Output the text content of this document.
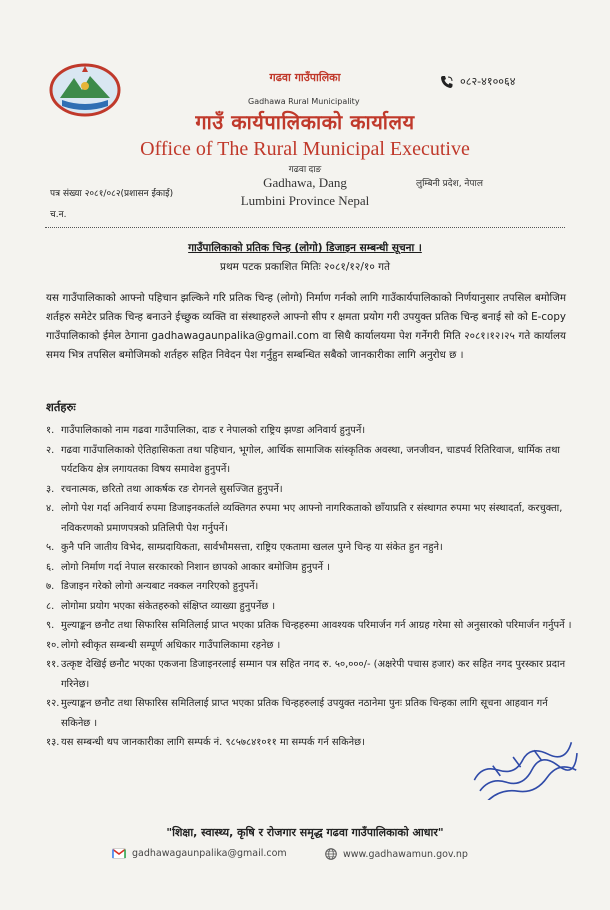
०८२-४१००६४
गढवा गाउँपालिका
Gadhawa Rural Municipality
गाउँ कार्यपालिकाको कार्यालय
Office of The Rural Municipal Executive
गढवा दाङ
Gadhawa, Dang
Lumbini Province Nepal
लुम्बिनी प्रदेश, नेपाल
पत्र संख्या २०८१/०८२(प्रशासन ईकाई)
च.न.
गाउँपालिकाको प्रतिक चिन्ह (लोगो) डिजाइन सम्बन्धी सूचना ।
प्रथम पटक प्रकाशित मितिः २०८१/१२/१० गते
यस गाउँपालिकाको आफ्नो पहिचान झल्किने गरि प्रतिक चिन्ह (लोगो) निर्माण गर्नको लागि गाउँकार्यपालिकाको निर्णयानुसार तपसिल बमोजिम शर्तहरु समेटेर प्रतिक चिन्ह बनाउने ईच्छुक व्यक्ति वा संस्थाहरुले आफ्नो सीप र क्षमता प्रयोग गरी उपयुक्त प्रतिक चिन्ह बनाई सो को E-copy गाउँपालिकाको ईमेल ठेगाना gadhawagaunpalika@gmail.com वा सिधै कार्यालयमा पेश गर्नेगरी मिति २०८१।१२।२५ गते कार्यालय समय भित्र तपसिल बमोजिमको शर्तहरु सहित निवेदन पेश गर्नुहुन सम्बन्धित सबैको जानकारीका लागि अनुरोध छ ।
शर्तहरुः
१. गाउँपालिकाको नाम गढवा गाउँपालिका, दाङ र नेपालको राष्ट्रिय झण्डा अनिवार्य हुनुपर्ने।
२. गढवा गाउँपालिकाको ऐतिहासिकता तथा पहिचान, भूगोल, आर्थिक सामाजिक सांस्कृतिक अवस्था, जनजीवन, चाडपर्व रितिरिवाज, धार्मिक तथा पर्यटकिय क्षेत्र लगायतका विषय समावेश हुनुपर्ने।
३. रचनात्मक, छरितो तथा आकर्षक रङ रोगनले सुसज्जित हुनुपर्ने।
४. लोगो पेश गर्दा अनिवार्य रुपमा डिजाइनकर्ताले व्यक्तिगत रुपमा भए आफ्नो नागरिकताको छाँयाप्रति र संस्थागत रुपमा भए संस्थादर्ता, करचुक्ता, नविकरणको प्रमाणपत्रको प्रतिलिपी पेश गर्नुपर्ने।
५. कुनै पनि जातीय विभेद, साम्प्रदायिकता, सार्वभौमसत्ता, राष्ट्रिय एकतामा खलल पुग्ने चिन्ह या संकेत हुन नहुने।
६. लोगो निर्माण गर्दा नेपाल सरकारको निशान छापको आकार बमोजिम हुनुपर्ने ।
७. डिजाइन गरेको लोगो अन्यबाट नक्कल नगरिएको हुनुपर्ने।
८. लोगोमा प्रयोग भएका संकेतहरुको संक्षिप्त व्याख्या हुनुपर्नेछ ।
९. मुल्याङ्कन छनौट तथा सिफारिस समितिलाई प्राप्त भएका प्रतिक चिन्हहरुमा आवश्यक परिमार्जन गर्न आग्रह गरेमा सो अनुसारको परिमार्जन गर्नुपर्ने ।
१०. लोगो स्वीकृत सम्बन्धी सम्पूर्ण अधिकार गाउँपालिकामा रहनेछ ।
११. उत्कृष्ट देखिई छनौट भएका एकजना डिजाइनरलाई सम्मान पत्र सहित नगद रु. ५०,०००/- (अक्षरेपी पचास हजार) कर सहित नगद पुरस्कार प्रदान गरिनेछ।
१२. मुल्याङ्कन छनौट तथा सिफारिस समितिलाई प्राप्त भएका प्रतिक चिन्हहरुलाई उपयुक्त नठानेमा पुनः प्रतिक चिन्हका लागि सूचना आहवान गर्न सकिनेछ ।
१३. यस सम्बन्धी थप जानकारीका लागि सम्पर्क नं. ९८५७८४१०११ मा सम्पर्क गर्न सकिनेछ।
"शिक्षा, स्वास्थ्य, कृषि र रोजगार समृद्ध गढवा गाउँपालिकाको आधार"
gadhawagaunpalika@gmail.com	www.gadhawamun.gov.np
